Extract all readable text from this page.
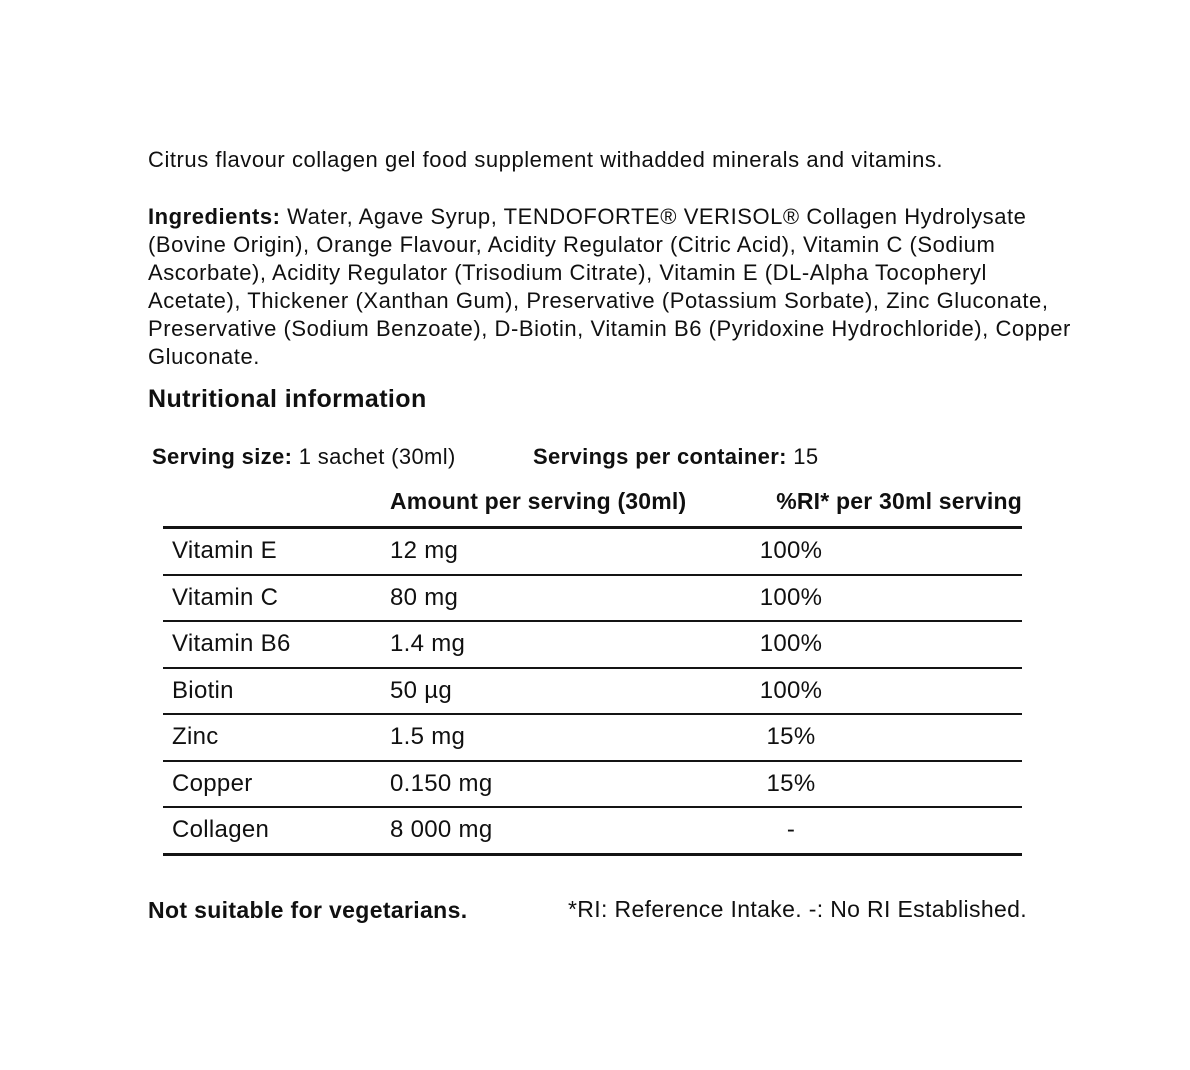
Citrus flavour collagen gel food supplement withadded minerals and vitamins.

Ingredients: Water, Agave Syrup, TENDOFORTE® VERISOL® Collagen Hydrolysate (Bovine Origin), Orange Flavour, Acidity Regulator (Citric Acid), Vitamin C (Sodium Ascorbate), Acidity Regulator (Trisodium Citrate), Vitamin E (DL-Alpha Tocopheryl Acetate), Thickener (Xanthan Gum), Preservative (Potassium Sorbate), Zinc Gluconate, Preservative (Sodium Benzoate), D-Biotin, Vitamin B6 (Pyridoxine Hydrochloride), Copper Gluconate.

Nutritional information
Serving size: 1 sachet (30ml)	Servings per container: 15
Amount per serving (30ml)	%RI* per 30ml serving
Vitamin E	12 mg	100%
Vitamin C	80 mg	100%
Vitamin B6	1.4 mg	100%
Biotin	50 µg	100%
Zinc	1.5 mg	15%
Copper	0.150 mg	15%
Collagen	8 000 mg	-
Not suitable for vegetarians.	*RI: Reference Intake. -: No RI Established.
